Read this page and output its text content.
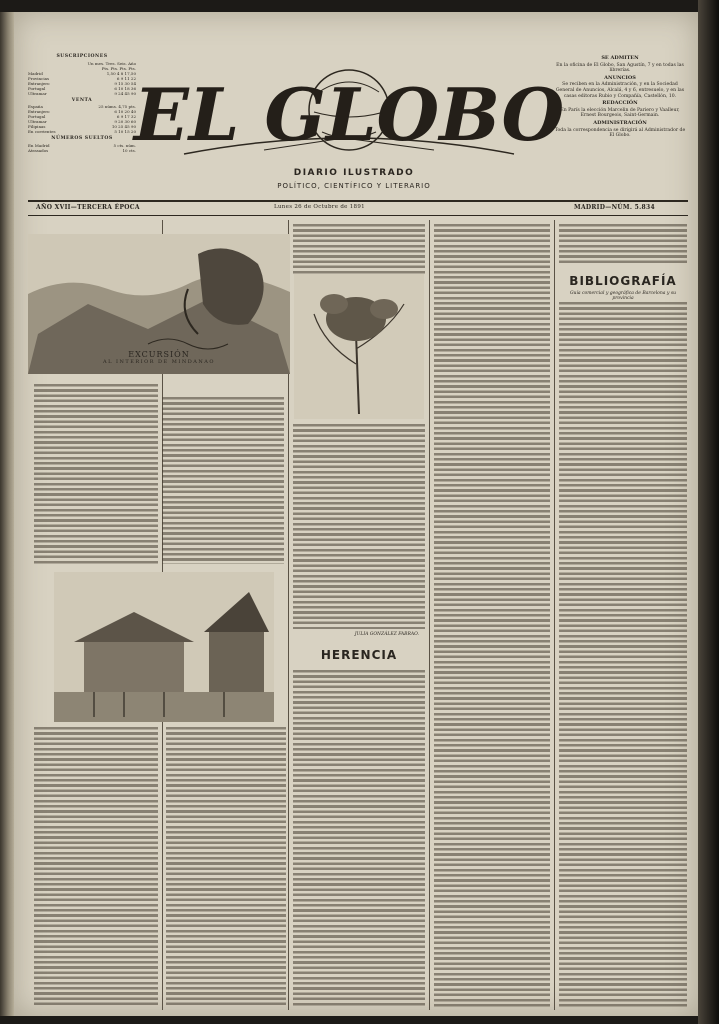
SUSCRIPCIONES
Un mes. Tres. Seis. Año
Pts. Pts. Pts. Pts.
Madrid	1,50 4 8 17,50
Provincias	6 9 11 22
Extranjero	9 15 30 54
Portugal	6 10 18 36
Ultramar	9 24 45 90
VENTA
España	25 núms. 4,75 pts.
Extranjero	6 10 20 40
Portugal	6 9 17 32
Ultramar	9 20 30 60
Filipinas	10 25 45 90
En corrientes	5 10 15 20
NÚMEROS SUELTOS
En Madrid	5 cts. núm.
Atrasados	10 cts.
SE ADMITEN

En la oficina de El Globo, San Agustín, 7 y en todas las librerías.

ANUNCIOS

Se reciben en la Administración, y en la Sociedad General de Anuncios, Alcalá, 4 y 6, entresuelo, y en las casas editoras Rubio y Compañía, Castellón, 10.

REDACCIÓN

En París la elección Marcelin de Pariero y Vaalleur, Ernest Bourgeois, Saint-Germain.

ADMINISTRACIÓN

Toda la correspondencia se dirigirá al Administrador de El Globo.

EL GLOBO
DIARIO ILUSTRADO
POLÍTICO, CIENTÍFICO Y LITERARIO
AÑO XVII—TERCERA ÉPOCA	Lunes 26 de Octubre de 1891	MADRID—NÚM. 5.834
EXCURSIÓN
AL INTERIOR DE MINDANAO
JULIA GONZÁLEZ FABRAO.
HERENCIA
BIBLIOGRAFÍA
Guía comercial y geográfica de Barcelona y su provincia
